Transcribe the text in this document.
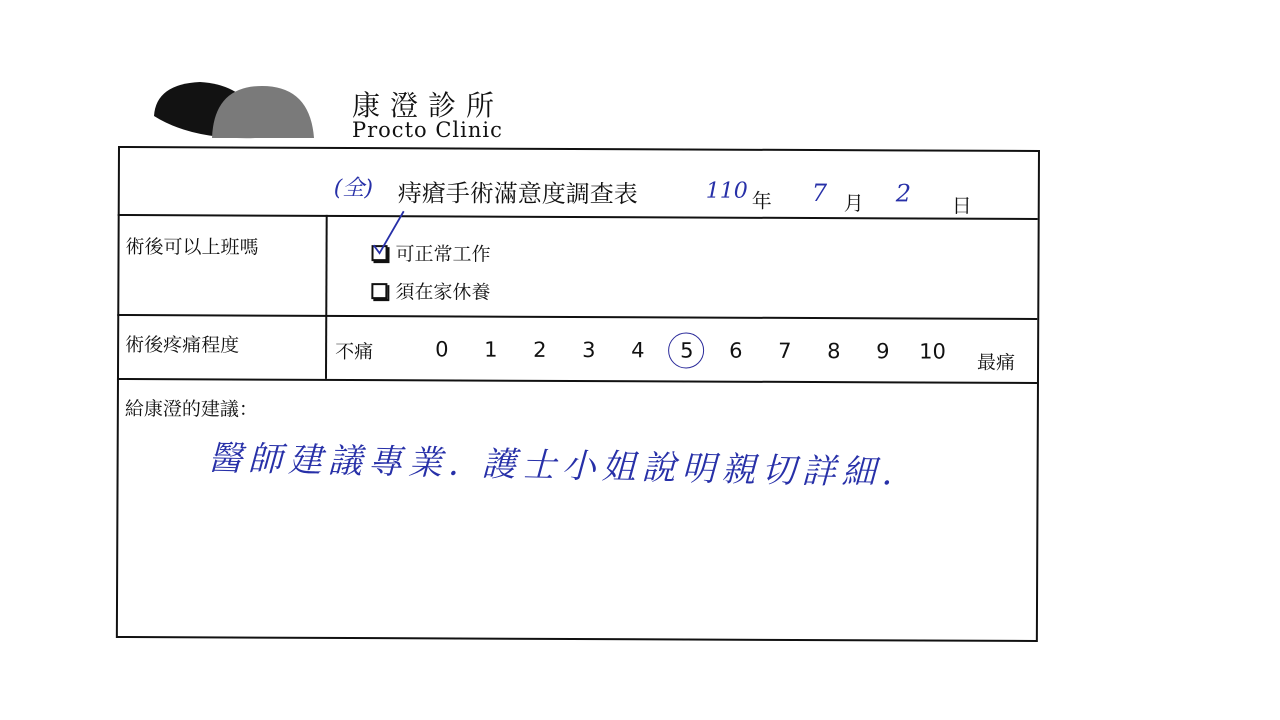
康澄診所
Procto Clinic
(全) 痔瘡手術滿意度調查表	110 年 7 月 2 日
術後可以上班嗎	可正常工作
須在家休養
術後疼痛程度	不痛	0 1 2 3 4 5 6 7 8 9 10 最痛
給康澄的建議：
醫師建議專業. 護士小姐說明親切詳細.
